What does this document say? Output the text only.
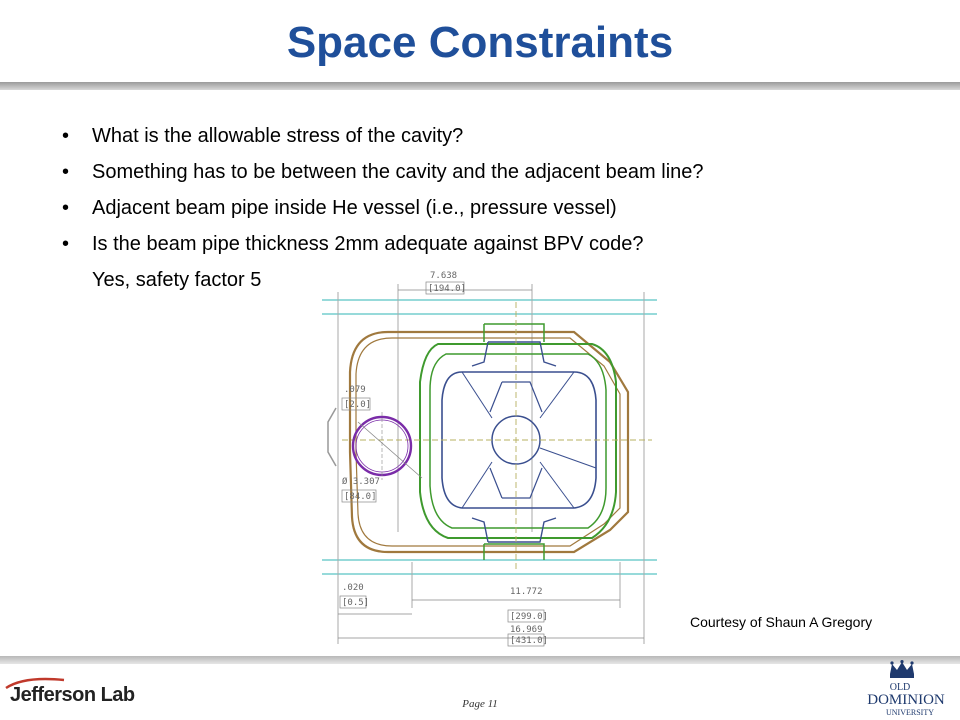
Space Constraints
• What is the allowable stress of the cavity?
• Something has to be between the cavity and the adjacent beam line?
• Adjacent beam pipe inside He vessel (i.e., pressure vessel)
• Is the beam pipe thickness 2mm adequate against BPV code?
Yes, safety factor 5	7.638
[194.0]
.079
[2.0]
Ø 3.307
[84.0]
.020
[0.5]
11.772
[299.0]
16.969
[431.0]
Courtesy of Shaun A Gregory
Jefferson Lab	Page 11
OLD
DOMINION
UNIVERSITY
